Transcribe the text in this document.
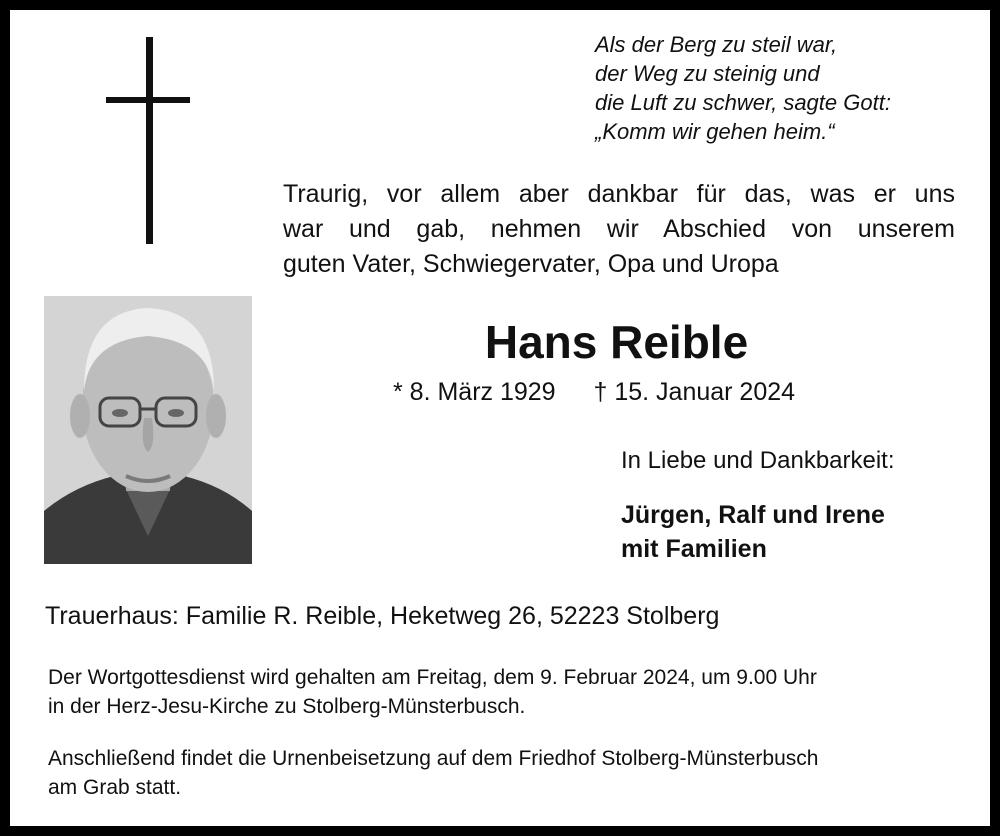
Als der Berg zu steil war,
der Weg zu steinig und
die Luft zu schwer, sagte Gott:
„Komm wir gehen heim.“
Traurig, vor allem aber dankbar für das, was er uns
war und gab, nehmen wir Abschied von unserem
guten Vater, Schwiegervater, Opa und Uropa
Hans Reible
* 8. März 1929 † 15. Januar 2024
In Liebe und Dankbarkeit:
Jürgen, Ralf und Irene
mit Familien
Trauerhaus: Familie R. Reible, Heketweg 26, 52223 Stolberg
Der Wortgottesdienst wird gehalten am Freitag, dem 9. Februar 2024, um 9.00 Uhr
in der Herz-Jesu-Kirche zu Stolberg-Münsterbusch.
Anschließend findet die Urnenbeisetzung auf dem Friedhof Stolberg-Münsterbusch
am Grab statt.
